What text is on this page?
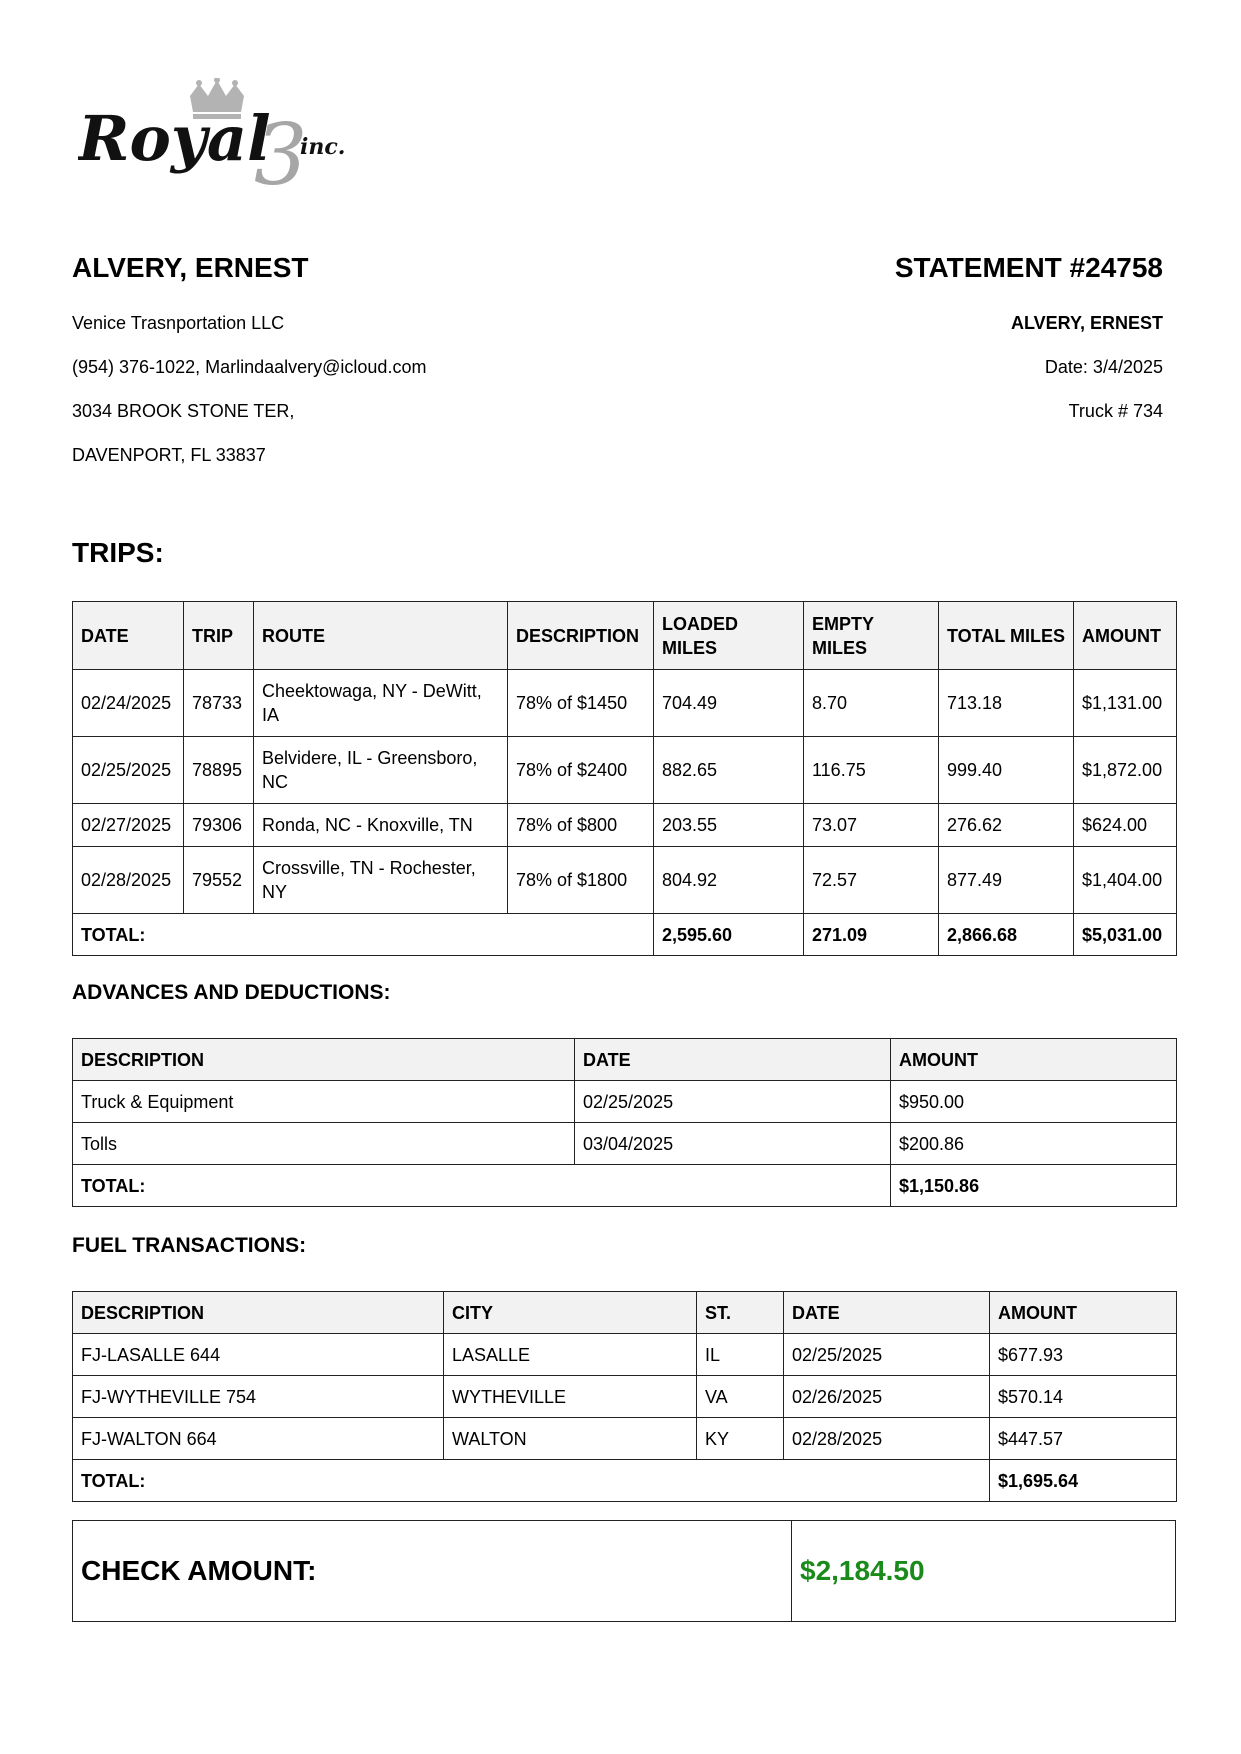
Royal
3
inc.
ALVERY, ERNEST
Venice Trasnportation LLC
(954) 376-1022, Marlindaalvery@icloud.com
3034 BROOK STONE TER,
DAVENPORT, FL 33837
STATEMENT #24758
ALVERY, ERNEST
Date: 3/4/2025
Truck # 734
TRIPS:
DATE	TRIP	ROUTE	DESCRIPTION	LOADED MILES	EMPTY MILES	TOTAL MILES	AMOUNT
02/24/2025	78733	Cheektowaga, NY - DeWitt, IA	78% of $1450	704.49	8.70	713.18	$1,131.00
02/25/2025	78895	Belvidere, IL - Greensboro, NC	78% of $2400	882.65	116.75	999.40	$1,872.00
02/27/2025	79306	Ronda, NC - Knoxville, TN	78% of $800	203.55	73.07	276.62	$624.00
02/28/2025	79552	Crossville, TN - Rochester, NY	78% of $1800	804.92	72.57	877.49	$1,404.00
TOTAL:				2,595.60	271.09	2,866.68	$5,031.00
ADVANCES AND DEDUCTIONS:
DESCRIPTION	DATE	AMOUNT
Truck & Equipment	02/25/2025	$950.00
Tolls	03/04/2025	$200.86
TOTAL:		$1,150.86
FUEL TRANSACTIONS:
DESCRIPTION	CITY	ST.	DATE	AMOUNT
FJ-LASALLE 644	LASALLE	IL	02/25/2025	$677.93
FJ-WYTHEVILLE 754	WYTHEVILLE	VA	02/26/2025	$570.14
FJ-WALTON 664	WALTON	KY	02/28/2025	$447.57
TOTAL:				$1,695.64
CHECK AMOUNT:	$2,184.50
